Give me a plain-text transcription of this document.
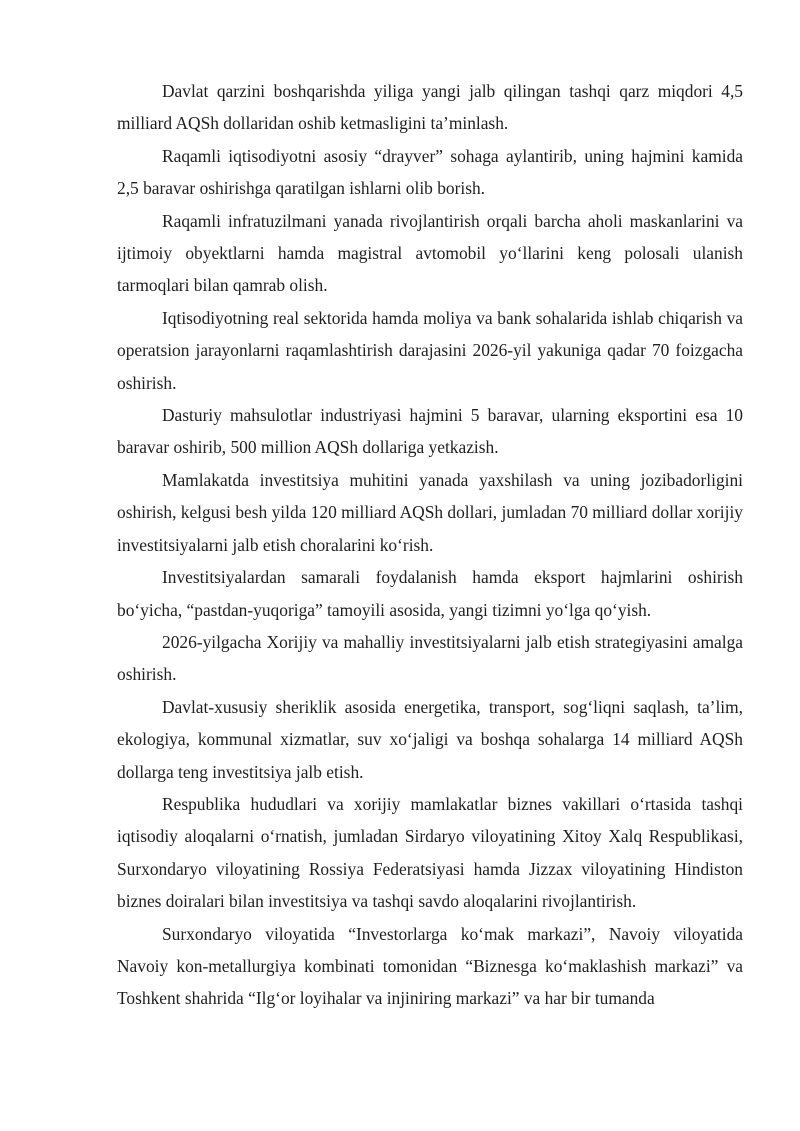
Davlat qarzini boshqarishda yiliga yangi jalb qilingan tashqi qarz miqdori 4,5 milliard AQSh dollaridan oshib ketmasligini ta’minlash.

Raqamli iqtisodiyotni asosiy “drayver” sohaga aylantirib, uning hajmini kamida 2,5 baravar oshirishga qaratilgan ishlarni olib borish.

Raqamli infratuzilmani yanada rivojlantirish orqali barcha aholi maskanlarini va ijtimoiy obyektlarni hamda magistral avtomobil yo‘llarini keng polosali ulanish tarmoqlari bilan qamrab olish.

Iqtisodiyotning real sektorida hamda moliya va bank sohalarida ishlab chiqarish va operatsion jarayonlarni raqamlashtirish darajasini 2026-yil yakuniga qadar 70 foizgacha oshirish.

Dasturiy mahsulotlar industriyasi hajmini 5 baravar, ularning eksportini esa 10 baravar oshirib, 500 million AQSh dollariga yetkazish.

Mamlakatda investitsiya muhitini yanada yaxshilash va uning jozibadorligini oshirish, kelgusi besh yilda 120 milliard AQSh dollari, jumladan 70 milliard dollar xorijiy investitsiyalarni jalb etish choralarini ko‘rish.

Investitsiyalardan samarali foydalanish hamda eksport hajmlarini oshirish bo‘yicha, “pastdan-yuqoriga” tamoyili asosida, yangi tizimni yo‘lga qo‘yish.

2026-yilgacha Xorijiy va mahalliy investitsiyalarni jalb etish strategiyasini amalga oshirish.

Davlat-xususiy sheriklik asosida energetika, transport, sog‘liqni saqlash, ta’lim, ekologiya, kommunal xizmatlar, suv xo‘jaligi va boshqa sohalarga 14 milliard AQSh dollarga teng investitsiya jalb etish.

Respublika hududlari va xorijiy mamlakatlar biznes vakillari o‘rtasida tashqi iqtisodiy aloqalarni o‘rnatish, jumladan Sirdaryo viloyatining Xitoy Xalq Respublikasi, Surxondaryo viloyatining Rossiya Federatsiyasi hamda Jizzax viloyatining Hindiston biznes doiralari bilan investitsiya va tashqi savdo aloqalarini rivojlantirish.

Surxondaryo viloyatida “Investorlarga ko‘mak markazi”, Navoiy viloyatida Navoiy kon-metallurgiya kombinati tomonidan “Biznesga ko‘maklashish markazi” va Toshkent shahrida “Ilg‘or loyihalar va injiniring markazi” va har bir tumanda
